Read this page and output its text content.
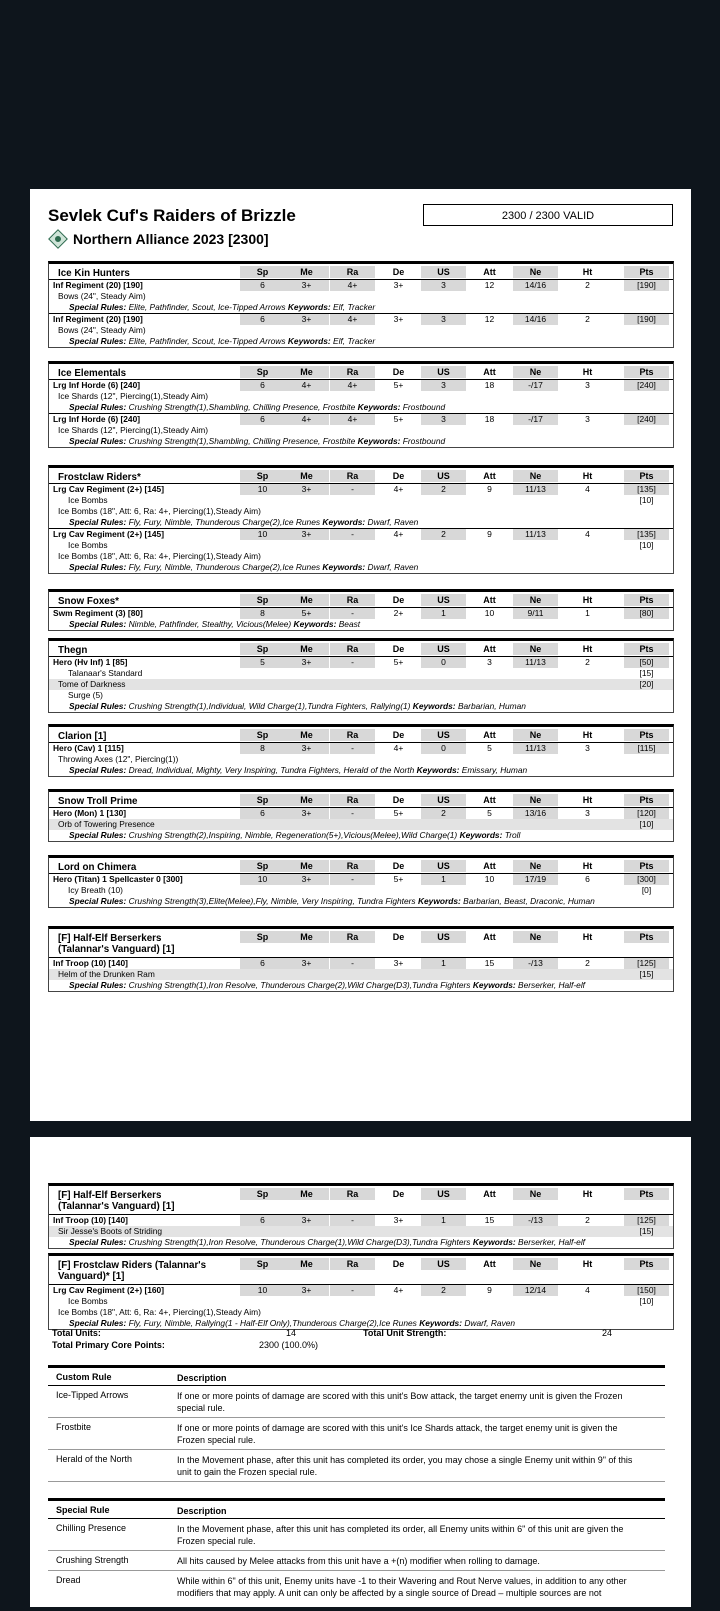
Sevlek Cuf's Raiders of Brizzle	2300 / 2300 VALID
Northern Alliance 2023 [2300]
Ice Kin Hunters	Sp	Me	Ra	De	US	Att	Ne	Ht	Pts
Inf Regiment (20) [190]	6	3+	4+	3+	3	12	14/16	2	[190]
Bows (24", Steady Aim)
Special Rules: Elite, Pathfinder, Scout, Ice-Tipped Arrows Keywords: Elf, Tracker
Inf Regiment (20) [190]	6	3+	4+	3+	3	12	14/16	2	[190]
Bows (24", Steady Aim)
Special Rules: Elite, Pathfinder, Scout, Ice-Tipped Arrows Keywords: Elf, Tracker
Ice Elementals	Sp	Me	Ra	De	US	Att	Ne	Ht	Pts
Lrg Inf Horde (6) [240]	6	4+	4+	5+	3	18	-/17	3	[240]
Ice Shards (12", Piercing(1),Steady Aim)
Special Rules: Crushing Strength(1),Shambling, Chilling Presence, Frostbite Keywords: Frostbound
Lrg Inf Horde (6) [240]	6	4+	4+	5+	3	18	-/17	3	[240]
Ice Shards (12", Piercing(1),Steady Aim)
Special Rules: Crushing Strength(1),Shambling, Chilling Presence, Frostbite Keywords: Frostbound
Frostclaw Riders*	Sp	Me	Ra	De	US	Att	Ne	Ht	Pts
Lrg Cav Regiment (2+) [145]	10	3+	-	4+	2	9	11/13	4	[135]
Ice Bombs	[10]
Ice Bombs (18", Att: 6, Ra: 4+, Piercing(1),Steady Aim)
Special Rules: Fly, Fury, Nimble, Thunderous Charge(2),Ice Runes Keywords: Dwarf, Raven
Lrg Cav Regiment (2+) [145]	10	3+	-	4+	2	9	11/13	4	[135]
Ice Bombs	[10]
Ice Bombs (18", Att: 6, Ra: 4+, Piercing(1),Steady Aim)
Special Rules: Fly, Fury, Nimble, Thunderous Charge(2),Ice Runes Keywords: Dwarf, Raven
Snow Foxes*	Sp	Me	Ra	De	US	Att	Ne	Ht	Pts
Swm Regiment (3) [80]	8	5+	-	2+	1	10	9/11	1	[80]
Special Rules: Nimble, Pathfinder, Stealthy, Vicious(Melee) Keywords: Beast
Thegn	Sp	Me	Ra	De	US	Att	Ne	Ht	Pts
Hero (Hv Inf) 1 [85]	5	3+	-	5+	0	3	11/13	2	[50]
Talanaar's Standard	[15]
Tome of Darkness	[20]
Surge (5)
Special Rules: Crushing Strength(1),Individual, Wild Charge(1),Tundra Fighters, Rallying(1) Keywords: Barbarian, Human
Clarion [1]	Sp	Me	Ra	De	US	Att	Ne	Ht	Pts
Hero (Cav) 1 [115]	8	3+	-	4+	0	5	11/13	3	[115]
Throwing Axes (12", Piercing(1))
Special Rules: Dread, Individual, Mighty, Very Inspiring, Tundra Fighters, Herald of the North Keywords: Emissary, Human
Snow Troll Prime	Sp	Me	Ra	De	US	Att	Ne	Ht	Pts
Hero (Mon) 1 [130]	6	3+	-	5+	2	5	13/16	3	[120]
Orb of Towering Presence	[10]
Special Rules: Crushing Strength(2),Inspiring, Nimble, Regeneration(5+),Vicious(Melee),Wild Charge(1) Keywords: Troll
Lord on Chimera	Sp	Me	Ra	De	US	Att	Ne	Ht	Pts
Hero (Titan) 1 Spellcaster 0 [300]	10	3+	-	5+	1	10	17/19	6	[300]
Icy Breath (10)	[0]
Special Rules: Crushing Strength(3),Elite(Melee),Fly, Nimble, Very Inspiring, Tundra Fighters Keywords: Barbarian, Beast, Draconic, Human
[F] Half-Elf Berserkers (Talannar's Vanguard) [1]
Sp	Me	Ra	De	US	Att	Ne	Ht	Pts
Inf Troop (10) [140]	6	3+	-	3+	1	15	-/13	2	[125]
Helm of the Drunken Ram	[15]
Special Rules: Crushing Strength(1),Iron Resolve, Thunderous Charge(2),Wild Charge(D3),Tundra Fighters Keywords: Berserker, Half-elf
[F] Half-Elf Berserkers (Talannar's Vanguard) [1]
Sp	Me	Ra	De	US	Att	Ne	Ht	Pts
Inf Troop (10) [140]	6	3+	-	3+	1	15	-/13	2	[125]
Sir Jesse's Boots of Striding	[15]
Special Rules: Crushing Strength(1),Iron Resolve, Thunderous Charge(1),Wild Charge(D3),Tundra Fighters Keywords: Berserker, Half-elf
[F] Frostclaw Riders (Talannar's Vanguard)* [1]
Sp	Me	Ra	De	US	Att	Ne	Ht	Pts
Lrg Cav Regiment (2+) [160]	10	3+	-	4+	2	9	12/14	4	[150]
Ice Bombs	[10]
Ice Bombs (18", Att: 6, Ra: 4+, Piercing(1),Steady Aim)
Special Rules: Fly, Fury, Nimble, Rallying(1 - Half-Elf Only),Thunderous Charge(2),Ice Runes Keywords: Dwarf, Raven
Total Units:	14	Total Unit Strength:	24
Total Primary Core Points:	2300 (100.0%)
Custom Rule	Description
Ice-Tipped Arrows	If one or more points of damage are scored with this unit's Bow attack, the target enemy unit is given the Frozen special rule.
Frostbite	If one or more points of damage are scored with this unit's Ice Shards attack, the target enemy unit is given the Frozen special rule.
Herald of the North	In the Movement phase, after this unit has completed its order, you may chose a single Enemy unit within 9" of this unit to gain the Frozen special rule.
Special Rule	Description
Chilling Presence	In the Movement phase, after this unit has completed its order, all Enemy units within 6" of this unit are given the Frozen special rule.
Crushing Strength	All hits caused by Melee attacks from this unit have a +(n) modifier when rolling to damage.
Dread	While within 6" of this unit, Enemy units have -1 to their Wavering and Rout Nerve values, in addition to any other modifiers that may apply. A unit can only be affected by a single source of Dread – multiple sources are not
